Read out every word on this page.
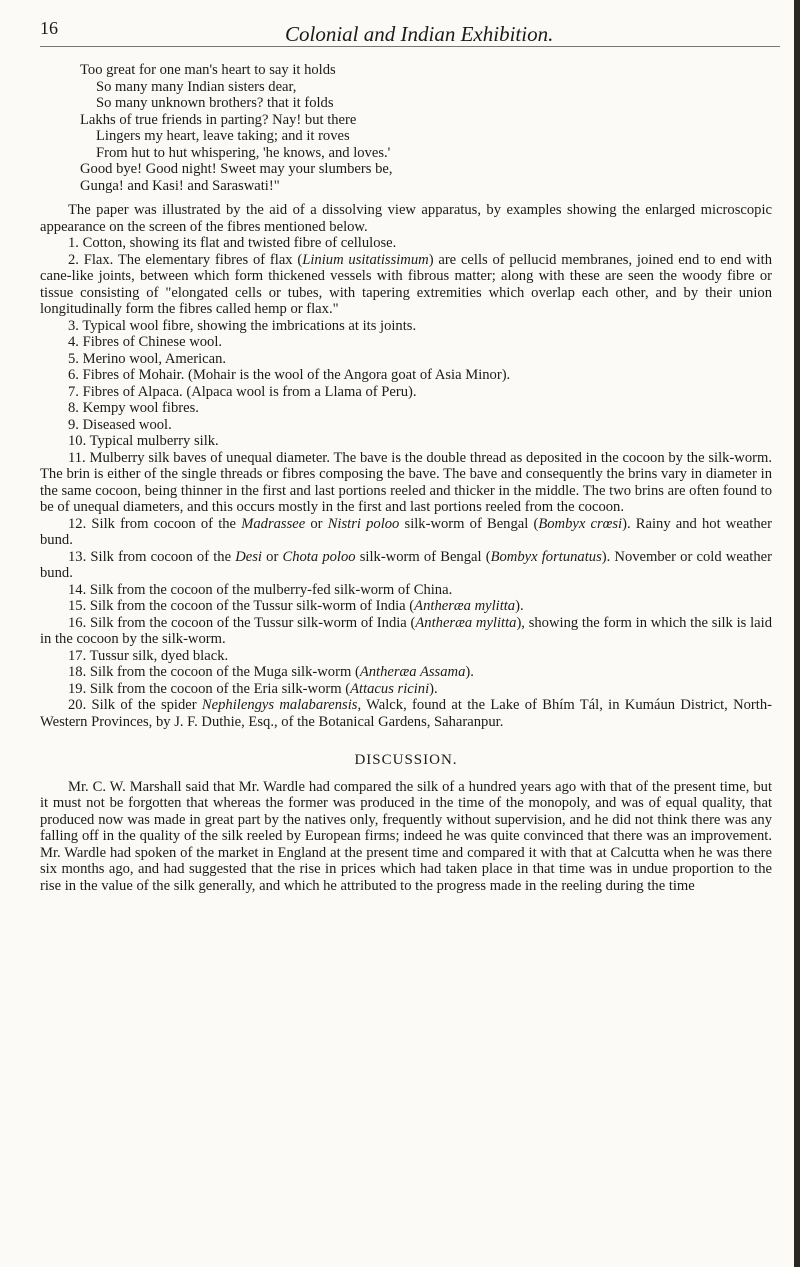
16	Colonial and Indian Exhibition.
Too great for one man's heart to say it holds
So many many Indian sisters dear,
So many unknown brothers? that it folds
Lakhs of true friends in parting? Nay! but there
Lingers my heart, leave taking; and it roves
From hut to hut whispering, 'he knows, and loves.'
Good bye! Good night! Sweet may your slumbers be,
Gunga! and Kasi! and Saraswati!"

The paper was illustrated by the aid of a dissolving view apparatus, by examples showing the enlarged microscopic appearance on the screen of the fibres mentioned below.

1. Cotton, showing its flat and twisted fibre of cellulose.

2. Flax. The elementary fibres of flax (Linium usitatissimum) are cells of pellucid membranes, joined end to end with cane-like joints, between which form thickened vessels with fibrous matter; along with these are seen the woody fibre or tissue consisting of "elongated cells or tubes, with tapering extremities which overlap each other, and by their union longitudinally form the fibres called hemp or flax."

3. Typical wool fibre, showing the imbrications at its joints.

4. Fibres of Chinese wool.

5. Merino wool, American.

6. Fibres of Mohair. (Mohair is the wool of the Angora goat of Asia Minor).

7. Fibres of Alpaca. (Alpaca wool is from a Llama of Peru).

8. Kempy wool fibres.

9. Diseased wool.

10. Typical mulberry silk.

11. Mulberry silk baves of unequal diameter. The bave is the double thread as deposited in the cocoon by the silk-worm. The brin is either of the single threads or fibres composing the bave. The bave and consequently the brins vary in diameter in the same cocoon, being thinner in the first and last portions reeled and thicker in the middle. The two brins are often found to be of unequal diameters, and this occurs mostly in the first and last portions reeled from the cocoon.

12. Silk from cocoon of the Madrassee or Nistri poloo silk-worm of Bengal (Bombyx crœsi). Rainy and hot weather bund.

13. Silk from cocoon of the Desi or Chota poloo silk-worm of Bengal (Bombyx fortunatus). November or cold weather bund.

14. Silk from the cocoon of the mulberry-fed silk-worm of China.

15. Silk from the cocoon of the Tussur silk-worm of India (Antheræa mylitta).

16. Silk from the cocoon of the Tussur silk-worm of India (Antheræa mylitta), showing the form in which the silk is laid in the cocoon by the silk-worm.

17. Tussur silk, dyed black.

18. Silk from the cocoon of the Muga silk-worm (Antheræa Assama).

19. Silk from the cocoon of the Eria silk-worm (Attacus ricini).

20. Silk of the spider Nephilengys malabarensis, Walck, found at the Lake of Bhím Tál, in Kumáun District, North-Western Provinces, by J. F. Duthie, Esq., of the Botanical Gardens, Saharanpur.

DISCUSSION.

Mr. C. W. Marshall said that Mr. Wardle had compared the silk of a hundred years ago with that of the present time, but it must not be forgotten that whereas the former was produced in the time of the monopoly, and was of equal quality, that produced now was made in great part by the natives only, frequently without supervision, and he did not think there was any falling off in the quality of the silk reeled by European firms; indeed he was quite convinced that there was an improvement. Mr. Wardle had spoken of the market in England at the present time and compared it with that at Calcutta when he was there six months ago, and had suggested that the rise in prices which had taken place in that time was in undue proportion to the rise in the value of the silk generally, and which he attributed to the progress made in the reeling during the time
